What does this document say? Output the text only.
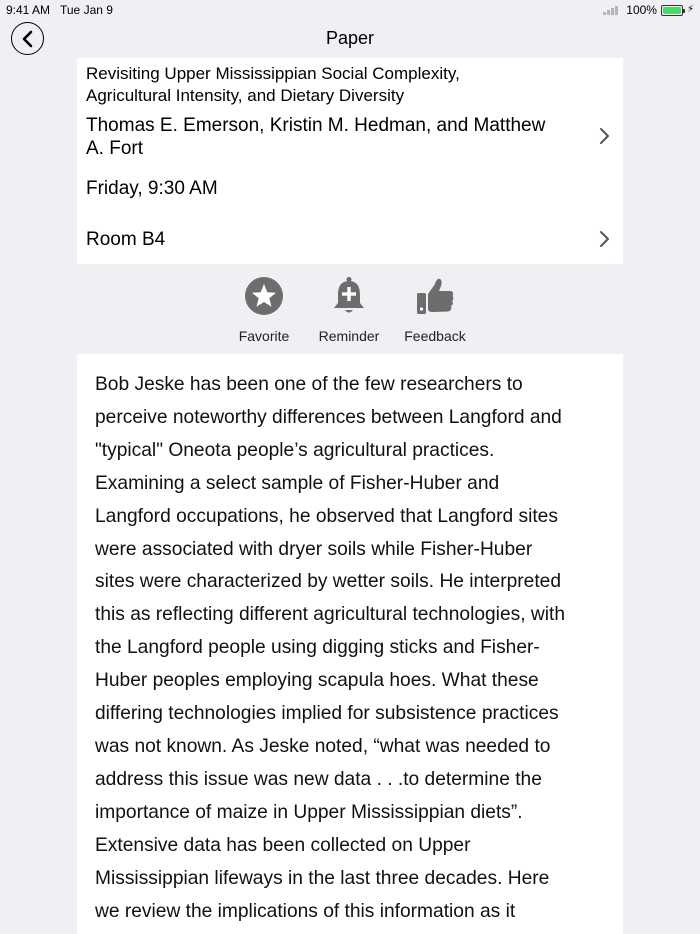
9:41 AM Tue Jan 9	100%	⚡
Paper
Revisiting Upper Mississippian Social Complexity,
Agricultural Intensity, and Dietary Diversity
Thomas E. Emerson, Kristin M. Hedman, and Matthew
A. Fort
Friday, 9:30 AM
Room B4
Favorite Reminder Feedback
Bob Jeske has been one of the few researchers to
perceive noteworthy differences between Langford and
"typical" Oneota people’s agricultural practices.
Examining a select sample of Fisher-Huber and
Langford occupations, he observed that Langford sites
were associated with dryer soils while Fisher-Huber
sites were characterized by wetter soils. He interpreted
this as reflecting different agricultural technologies, with
the Langford people using digging sticks and Fisher-
Huber peoples employing scapula hoes. What these
differing technologies implied for subsistence practices
was not known. As Jeske noted, “what was needed to
address this issue was new data . . .to determine the
importance of maize in Upper Mississippian diets”.
Extensive data has been collected on Upper
Mississippian lifeways in the last three decades. Here
we review the implications of this information as it
